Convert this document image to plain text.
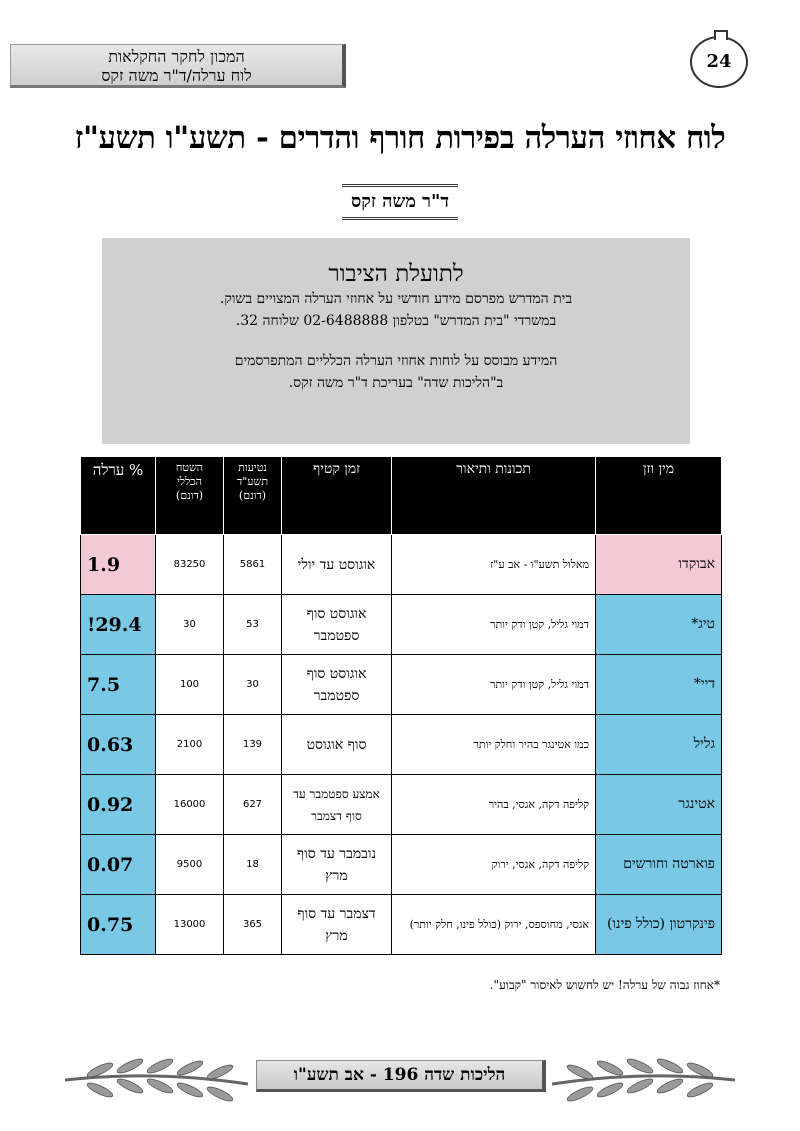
המכון לחקר החקלאות
לוח ערלה/ד"ר משה זקס
24
לוח אחוזי הערלה בפירות חורף והדרים - תשע"ו תשע"ז
ד"ר משה זקס
לתועלת הציבור
בית המדרש מפרסם מידע חודשי על אחוזי הערלה המצויים בשוק.
במשרדי "בית המדרש" בטלפון 02-6488888 שלוחה 32.
המידע מבוסס על לוחות אחוזי הערלה הכלליים המתפרסמים
ב"הליכות שדה" בעריכת ד"ר משה זקס.
מין וזן	תכונות ותיאור	זמן קטיף	נטיעות תשע"ד (דונם)	השטח הכללי (דונם)	% ערלה
אבוקדו	מאלול תשע"ו - אב ע"ז	אוגוסט עד יולי	5861	83250	1.9
טיג*	דמוי גליל, קטן ודק יותר	אוגוסט סוף ספטמבר	53	30	!29.4
דיי*	דמוי גליל, קטן ודק יותר	אוגוסט סוף ספטמבר	30	100	7.5
גליל	כמו אטינגר בהיר וחלק יותר	סוף אוגוסט	139	2100	0.63
אטינגר	קליפה דקה, אגסי, בהיר	אמצע ספטמבר עד סוף דצמבר	627	16000	0.92
פוארטה וחורשים	קליפה דקה, אגסי, ירוק	נובמבר עד סוף מרץ	18	9500	0.07
פינקרטון (כולל פינו)	אגסי, מחוספס, ירוק (כולל פינו, חלק יותר)	דצמבר עד סוף מרץ	365	13000	0.75
*אחוז גבוה של ערלה! יש לחשוש לאיסור "קבוע".
הליכות שדה 196 - אב תשע"ו
